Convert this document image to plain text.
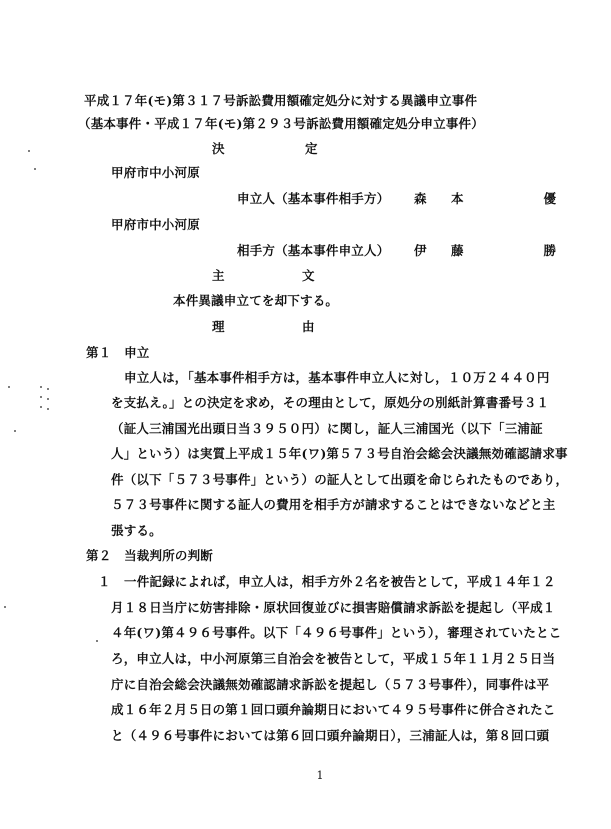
平成１７年(モ)第３１７号訴訟費用額確定処分に対する異議申立事件
（基本事件・平成１７年(モ)第２９３号訴訟費用額確定処分申立事件）
決　定
甲府市中小河原
申立人（基本事件相手方） 森　本　　　　優
甲府市中小河原
相手方（基本事件申立人） 伊　藤　　　　勝
主　　　文
本件異議申立てを却下する。
理　　　由
第１　申立
申立人は，「基本事件相手方は，基本事件申立人に対し，１０万２４４０円
を支払え。」との決定を求め，その理由として，原処分の別紙計算書番号３１
（証人三浦国光出頭日当３９５０円）に関し，証人三浦国光（以下「三浦証
人」という）は実質上平成１５年(ワ)第５７３号自治会総会決議無効確認請求事
件（以下「５７３号事件」という）の証人として出頭を命じられたものであり，
５７３号事件に関する証人の費用を相手方が請求することはできないなどと主
張する。
第２　当裁判所の判断
１ 一件記録によれば，申立人は，相手方外２名を被告として，平成１４年１２
月１８日当庁に妨害排除・原状回復並びに損害賠償請求訴訟を提起し（平成１
４年(ワ)第４９６号事件。以下「４９６号事件」という），審理されていたとこ
ろ，申立人は，中小河原第三自治会を被告として，平成１５年１１月２５日当
庁に自治会総会決議無効確認請求訴訟を提起し（５７３号事件），同事件は平
成１６年２月５日の第１回口頭弁論期日において４９５号事件に併合されたこ
と（４９６号事件においては第６回口頭弁論期日），三浦証人は，第８回口頭
1
